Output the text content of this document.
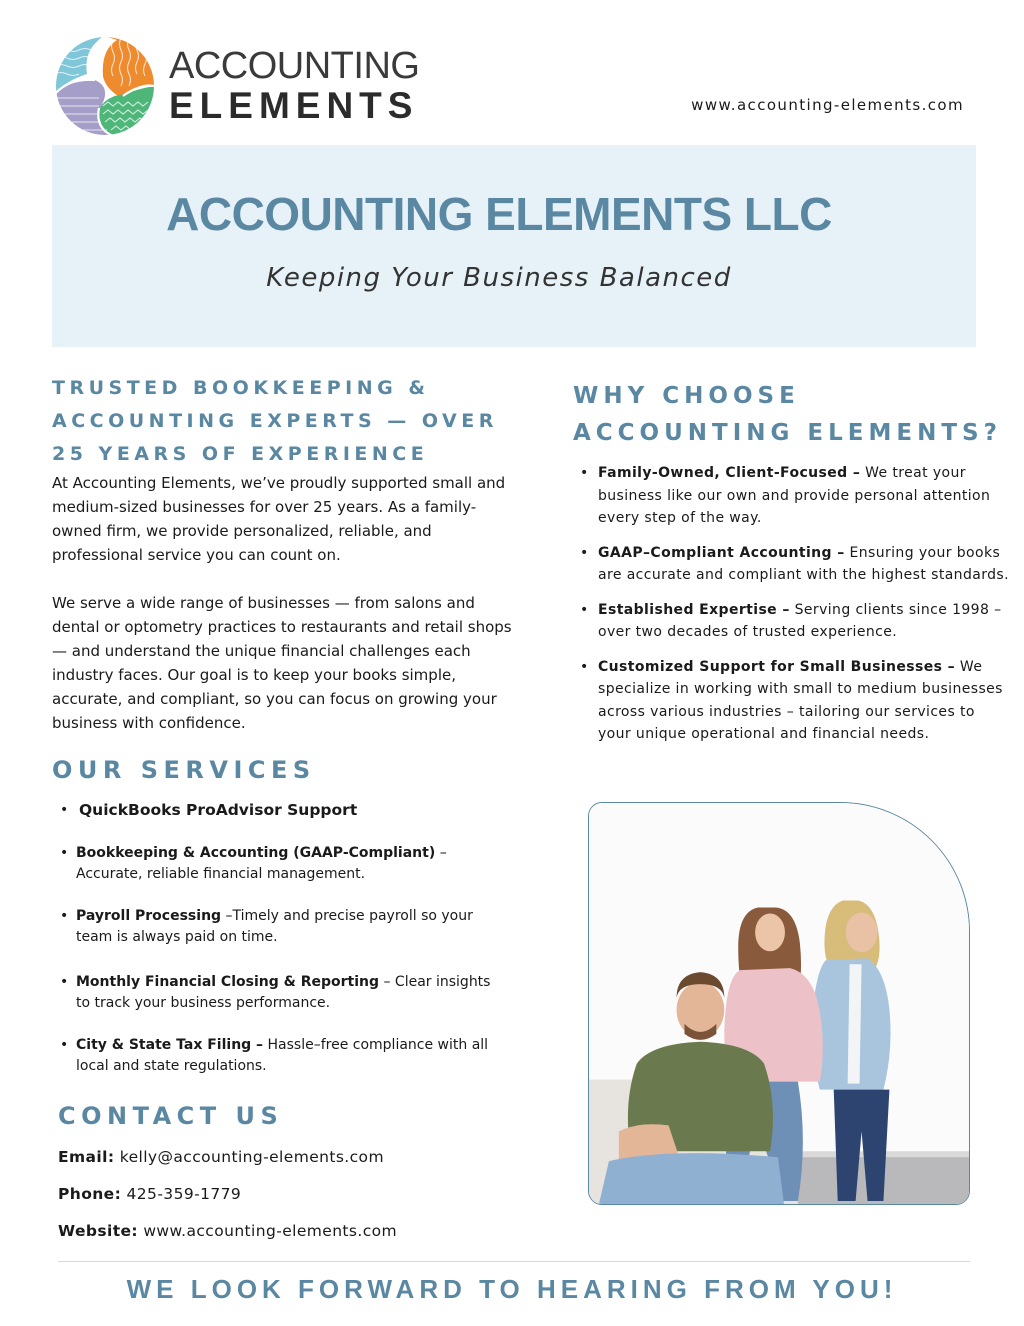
ACCOUNTING
ELEMENTS	www.accounting-elements.com
ACCOUNTING ELEMENTS LLC
Keeping Your Business Balanced
TRUSTED BOOKKEEPING & ACCOUNTING EXPERTS — OVER 25 YEARS OF EXPERIENCE

At Accounting Elements, we’ve proudly supported small and medium-sized businesses for over 25 years. As a family-owned firm, we provide personalized, reliable, and professional service you can count on.

We serve a wide range of businesses — from salons and dental or optometry practices to restaurants and retail shops — and understand the unique financial challenges each industry faces. Our goal is to keep your books simple, accurate, and compliant, so you can focus on growing your business with confidence.

OUR SERVICES
• QuickBooks ProAdvisor Support
• Bookkeeping & Accounting (GAAP-Compliant) – Accurate, reliable financial management.
• Payroll Processing –Timely and precise payroll so your team is always paid on time.
• Monthly Financial Closing & Reporting – Clear insights to track your business performance.
• City & State Tax Filing – Hassle–free compliance with all local and state regulations.
CONTACT US
Email: kelly@accounting-elements.com
Phone: 425-359-1779
Website: www.accounting-elements.com
WHY CHOOSE
ACCOUNTING ELEMENTS?
• Family-Owned, Client-Focused – We treat your business like our own and provide personal attention every step of the way.
• GAAP–Compliant Accounting – Ensuring your books are accurate and compliant with the highest standards.
• Established Expertise – Serving clients since 1998 – over two decades of trusted experience.
• Customized Support for Small Businesses – We specialize in working with small to medium businesses across various industries – tailoring our services to your unique operational and financial needs.
WE LOOK FORWARD TO HEARING FROM YOU!
